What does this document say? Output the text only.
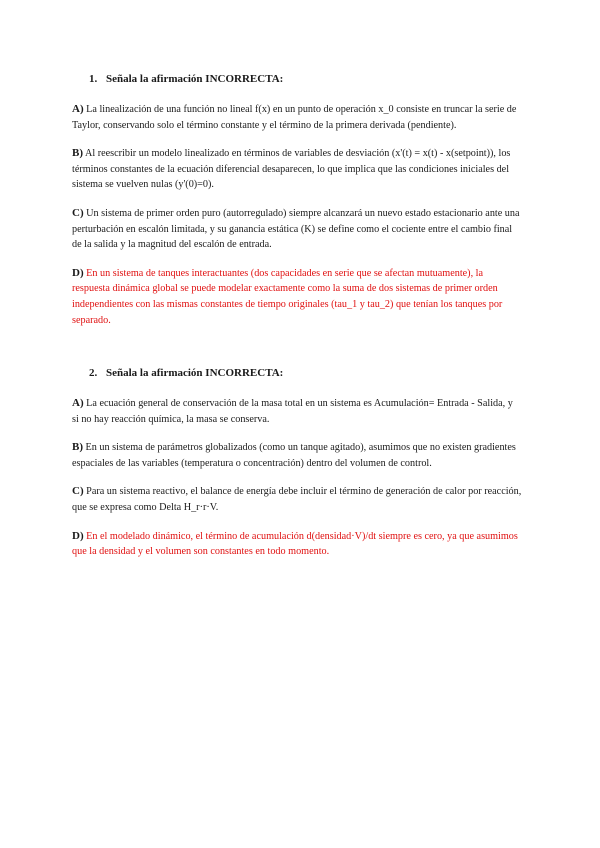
1. Señala la afirmación INCORRECTA:

A) La linealización de una función no lineal f(x) en un punto de operación x_0 consiste en truncar la serie de Taylor, conservando solo el término constante y el término de la primera derivada (pendiente).

B) Al reescribir un modelo linealizado en términos de variables de desviación (x'(t) = x(t) - x(setpoint)), los términos constantes de la ecuación diferencial desaparecen, lo que implica que las condiciones iniciales del sistema se vuelven nulas (y'(0)=0).

C) Un sistema de primer orden puro (autorregulado) siempre alcanzará un nuevo estado estacionario ante una perturbación en escalón limitada, y su ganancia estática (K) se define como el cociente entre el cambio final de la salida y la magnitud del escalón de entrada.

D) En un sistema de tanques interactuantes (dos capacidades en serie que se afectan mutuamente), la respuesta dinámica global se puede modelar exactamente como la suma de dos sistemas de primer orden independientes con las mismas constantes de tiempo originales (tau_1 y tau_2) que tenían los tanques por separado.

2. Señala la afirmación INCORRECTA:

A) La ecuación general de conservación de la masa total en un sistema es Acumulación= Entrada - Salida, y si no hay reacción química, la masa se conserva.

B) En un sistema de parámetros globalizados (como un tanque agitado), asumimos que no existen gradientes espaciales de las variables (temperatura o concentración) dentro del volumen de control.

C) Para un sistema reactivo, el balance de energía debe incluir el término de generación de calor por reacción, que se expresa como Delta H_r·r·V.

D) En el modelado dinámico, el término de acumulación d(densidad·V)/dt siempre es cero, ya que asumimos que la densidad y el volumen son constantes en todo momento.
